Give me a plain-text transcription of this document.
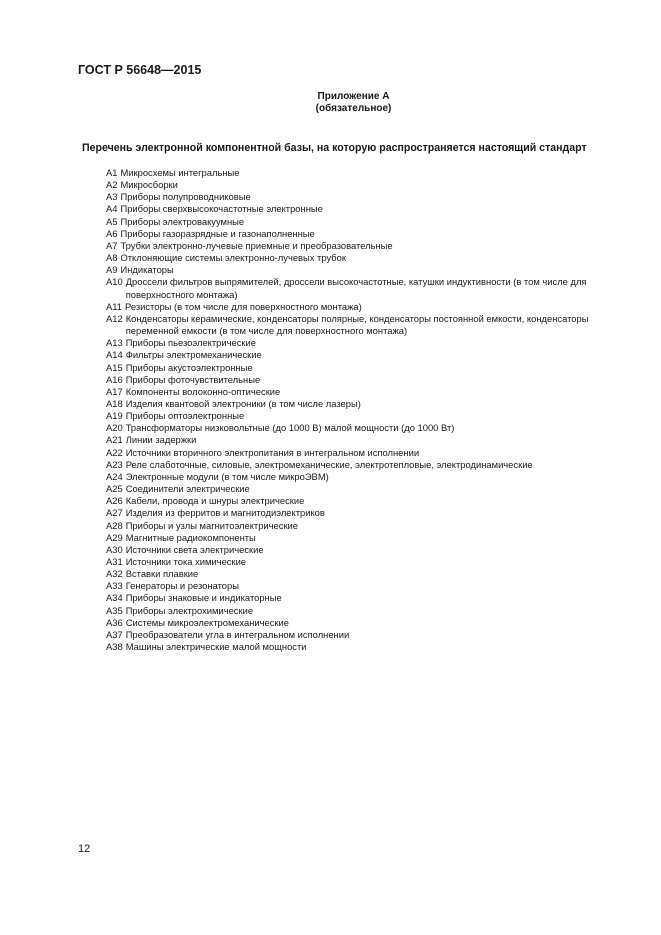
ГОСТ Р 56648—2015
Приложение А
(обязательное)
Перечень электронной компонентной базы, на которую распространяется настоящий стандарт
А1 Микросхемы интегральные
А2 Микросборки
А3 Приборы полупроводниковые
А4 Приборы сверхвысокочастотные электронные
А5 Приборы электровакуумные
А6 Приборы газоразрядные и газонаполненные
А7 Трубки электронно-лучевые приемные и преобразовательные
А8 Отклоняющие системы электронно-лучевых трубок
А9 Индикаторы
А10 Дроссели фильтров выпрямителей, дроссели высокочастотные, катушки индуктивности (в том числе для поверхностного монтажа)
А11 Резисторы (в том числе для поверхностного монтажа)
А12 Конденсаторы керамические, конденсаторы полярные, конденсаторы постоянной емкости, конденсаторы переменной емкости (в том числе для поверхностного монтажа)
А13 Приборы пьезоэлектрические
А14 Фильтры электромеханические
А15 Приборы акустоэлектронные
А16 Приборы фоточувствительные
А17 Компоненты волоконно-оптические
А18 Изделия квантовой электроники (в том числе лазеры)
А19 Приборы оптоэлектронные
А20 Трансформаторы низковольтные (до 1000 В) малой мощности (до 1000 Вт)
А21 Линии задержки
А22 Источники вторичного электропитания в интегральном исполнении
А23 Реле слаботочные, силовые, электромеханические, электротепловые, электродинамические
А24 Электронные модули (в том числе микроЭВМ)
А25 Соединители электрические
А26 Кабели, провода и шнуры электрические
А27 Изделия из ферритов и магнитодиэлектриков
А28 Приборы и узлы магнитоэлектрические
А29 Магнитные радиокомпоненты
А30 Источники света электрические
А31 Источники тока химические
А32 Вставки плавкие
А33 Генераторы и резонаторы
А34 Приборы знаковые и индикаторные
А35 Приборы электрохимические
А36 Системы микроэлектромеханические
А37 Преобразователи угла в интегральном исполнении
А38 Машины электрические малой мощности
12
